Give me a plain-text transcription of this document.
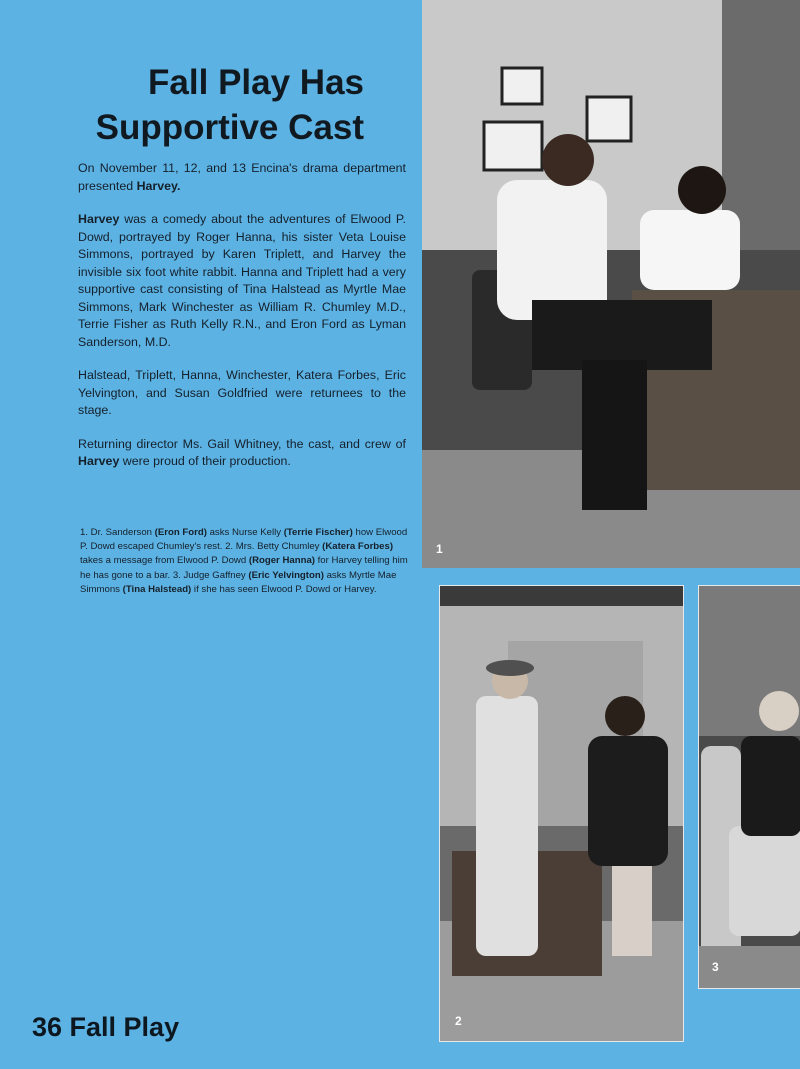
Fall Play Has
Supportive Cast

On November 11, 12, and 13 Encina's drama department presented Harvey.

Harvey was a comedy about the adventures of Elwood P. Dowd, portrayed by Roger Hanna, his sister Veta Louise Simmons, portrayed by Karen Triplett, and Harvey the invisible six foot white rabbit. Hanna and Triplett had a very supportive cast consisting of Tina Halstead as Myrtle Mae Simmons, Mark Winchester as William R. Chumley M.D., Terrie Fisher as Ruth Kelly R.N., and Eron Ford as Lyman Sanderson, M.D.

Halstead, Triplett, Hanna, Winchester, Katera Forbes, Eric Yelvington, and Susan Goldfried were returnees to the stage.

Returning director Ms. Gail Whitney, the cast, and crew of Harvey were proud of their production.

1. Dr. Sanderson (Eron Ford) asks Nurse Kelly (Terrie Fischer) how Elwood P. Dowd escaped Chumley's rest. 2. Mrs. Betty Chumley (Katera Forbes) takes a message from Elwood P. Dowd (Roger Hanna) for Harvey telling him he has gone to a bar. 3. Judge Gaffney (Eric Yelvington) asks Myrtle Mae Simmons (Tina Halstead) if she has seen Elwood P. Dowd or Harvey.
1
2
3
36 Fall Play
